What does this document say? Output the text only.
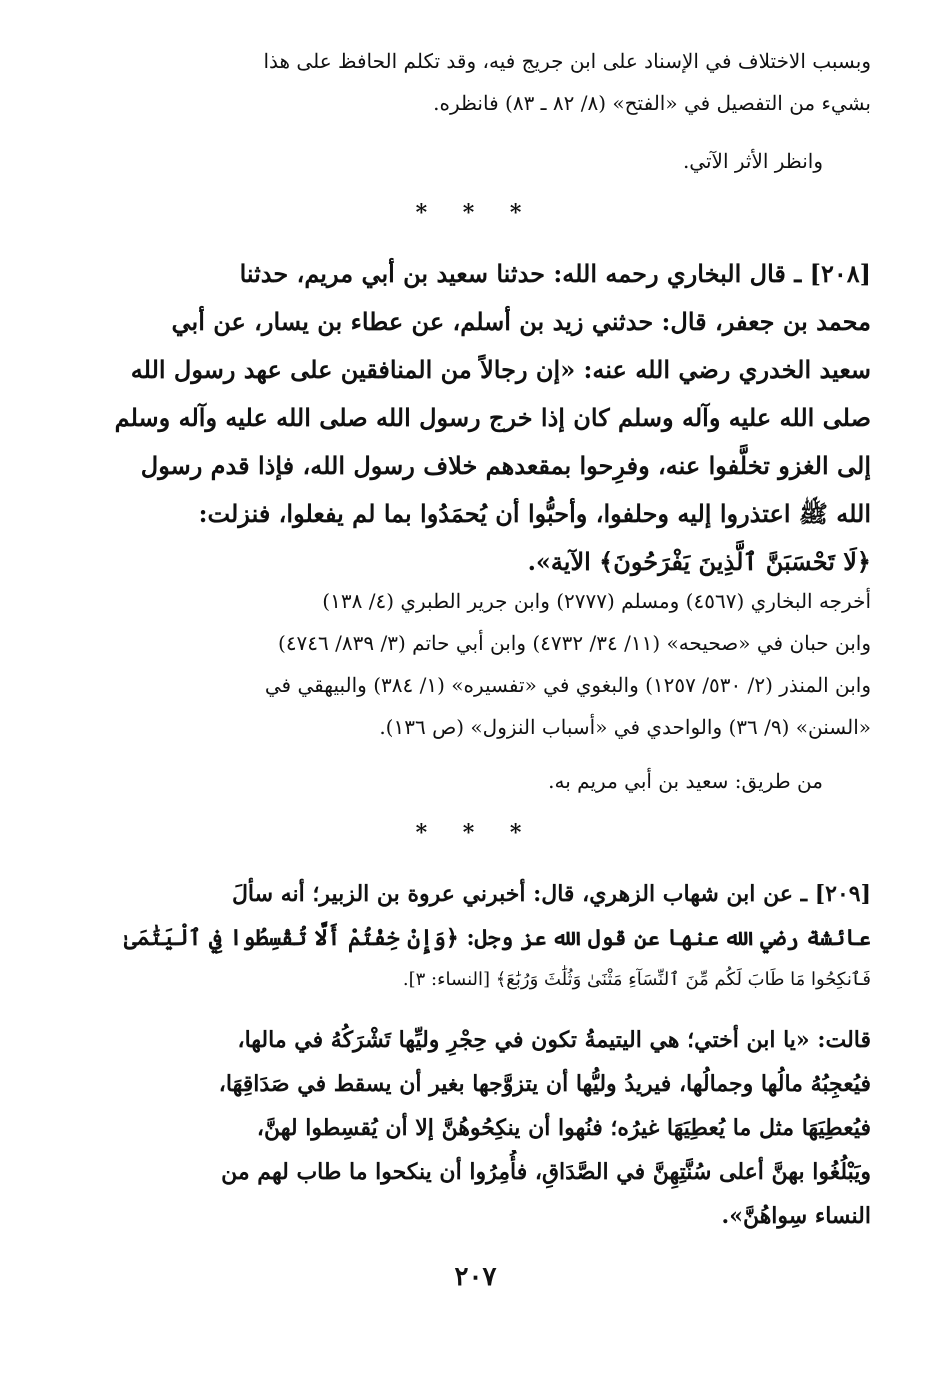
وبسبب الاختلاف في الإسناد على ابن جريج فيه، وقد تكلم الحافظ على هذا
بشيء من التفصيل في «الفتح» (٨/ ٨٢ ـ ٨٣) فانظره.
وانظر الأثر الآتي.
* * *
[٢٠٨] ـ قال البخاري رحمه الله: حدثنا سعيد بن أبي مريم، حدثنا
محمد بن جعفر، قال: حدثني زيد بن أسلم، عن عطاء بن يسار، عن أبي
سعيد الخدري رضي الله عنه: «إن رجالاً من المنافقين على عهد رسول الله
صلى الله عليه وآله وسلم كان إذا خرج رسول الله صلى الله عليه وآله وسلم
إلى الغزو تخلَّفوا عنه، وفرِحوا بمقعدهم خلاف رسول الله، فإذا قدم رسول
الله ﷺ اعتذروا إليه وحلفوا، وأحبُّوا أن يُحمَدُوا بما لم يفعلوا، فنزلت:
﴿لَا تَحْسَبَنَّ ٱلَّذِينَ يَفْرَحُونَ﴾ الآية».
أخرجه البخاري (٤٥٦٧) ومسلم (٢٧٧٧) وابن جرير الطبري (٤/ ١٣٨)
وابن حبان في «صحيحه» (١١/ ٣٤/ ٤٧٣٢) وابن أبي حاتم (٣/ ٨٣٩/ ٤٧٤٦)
وابن المنذر (٢/ ٥٣٠/ ١٢٥٧) والبغوي في «تفسيره» (١/ ٣٨٤) والبيهقي في
«السنن» (٩/ ٣٦) والواحدي في «أسباب النزول» (ص ١٣٦).
من طريق: سعيد بن أبي مريم به.
* * *
[٢٠٩] ـ عن ابن شهاب الزهري، قال: أخبرني عروة بن الزبير؛ أنه سألَ
عائشة رضي الله عنها عن قول الله عز وجل: ﴿وَإِنْ خِفْتُمْ أَلَّا تُقْسِطُوا فِي ٱلْيَتَٰمَىٰ
فَٱنكِحُوا مَا طَابَ لَكُم مِّنَ ٱلنِّسَآءِ مَثْنَىٰ وَثُلَٰثَ وَرُبَٰعَ﴾ [النساء: ٣].
قالت: «يا ابن أختي؛ هي اليتيمةُ تكون في حِجْرِ وليِّها تَشْرَكُهُ في مالها،
فيُعجِبُهُ مالُها وجمالُها، فيريدُ وليُّها أن يتزوَّجها بغير أن يسقط في صَدَاقِهَا،
فيُعطِيَهَا مثل ما يُعطِيَهَا غيرُه؛ فنُهوا أن ينكِحُوهُنَّ إلا أن يُقسِطوا لهنَّ،
ويَبْلُغُوا بهنَّ أعلى سُنَّتِهِنَّ في الصَّدَاقِ، فأُمِرُوا أن ينكحوا ما طاب لهم من
النساء سِواهُنَّ».
٢٠٧
